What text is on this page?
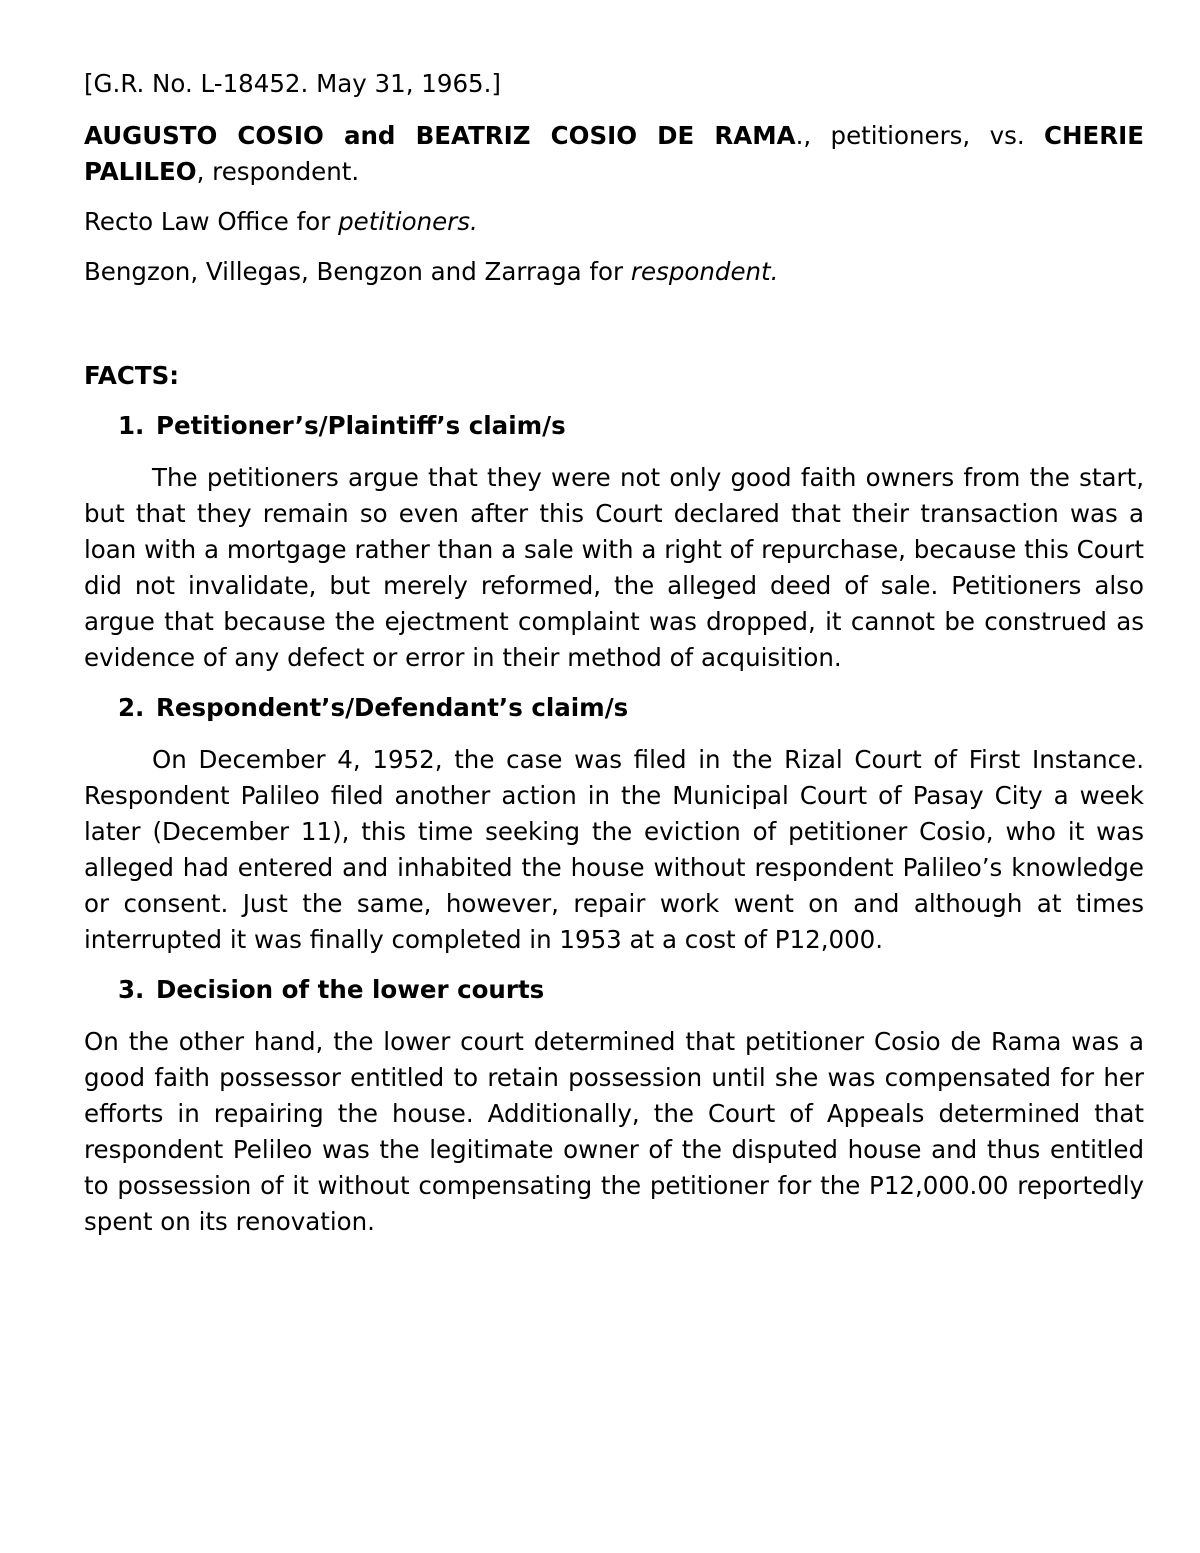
[G.R. No. L-18452. May 31, 1965.]

AUGUSTO COSIO and BEATRIZ COSIO DE RAMA., petitioners, vs. CHERIE PALILEO, respondent.

Recto Law Office for petitioners.

Bengzon, Villegas, Bengzon and Zarraga for respondent.

FACTS:

1. Petitioner’s/Plaintiff’s claim/s

The petitioners argue that they were not only good faith owners from the start, but that they remain so even after this Court declared that their transaction was a loan with a mortgage rather than a sale with a right of repurchase, because this Court did not invalidate, but merely reformed, the alleged deed of sale. Petitioners also argue that because the ejectment complaint was dropped, it cannot be construed as evidence of any defect or error in their method of acquisition.

2. Respondent’s/Defendant’s claim/s

On December 4, 1952, the case was filed in the Rizal Court of First Instance. Respondent Palileo filed another action in the Municipal Court of Pasay City a week later (December 11), this time seeking the eviction of petitioner Cosio, who it was alleged had entered and inhabited the house without respondent Palileo’s knowledge or consent. Just the same, however, repair work went on and although at times interrupted it was finally completed in 1953 at a cost of P12,000.

3. Decision of the lower courts

On the other hand, the lower court determined that petitioner Cosio de Rama was a good faith possessor entitled to retain possession until she was compensated for her efforts in repairing the house. Additionally, the Court of Appeals determined that respondent Pelileo was the legitimate owner of the disputed house and thus entitled to possession of it without compensating the petitioner for the P12,000.00 reportedly spent on its renovation.
